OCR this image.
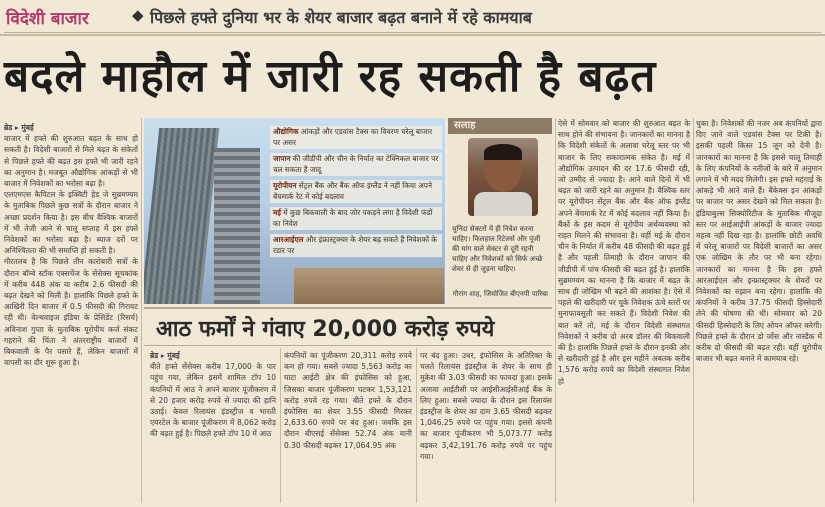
विदेशी बाजार	◆ पिछले हफ्ते दुनिया भर के शेयर बाजार बढ़त बनाने में रहे कामयाब
बदले माहौल में जारी रह सकती है बढ़त
ब्रेड ▸ मुंबई

बाजार में हफ्ते की शुरुआत बढ़त के साथ हो सकती है। विदेशी बाजारों से मिले बढ़त के संकेतों से पिछले हफ्ते की बढ़त इस हफ्ते भी जारी रहने का अनुमान है। मजबूत औद्योगिक आंकड़ों से भी बाजार में निवेशकों का भरोसा बढ़ा है।

एलएमएस कैपिटल के इक्विटी हेड जे सुब्रमण्यम के मुताबिक पिछले कुछ सत्रों के दौरान बाजार ने अच्छा प्रदर्शन किया है। इस बीच वैश्विक बाजारों में भी तेजी आने से चालू सप्ताह में इस हफ्ते निवेशकों का भरोसा बढ़ा है। ब्याज दरों पर अनिश्चितता की भी समाप्ति हो सकती है।

गौरतलब है कि पिछले तीन कारोबारी सत्रों के दौरान बॉम्बे स्टॉक एक्सचेंज के सेंसेक्स सूचकांक में करीब 448 अंक या करीब 2.6 फीसदी की बढ़त देखने को मिली है। हालांकि पिछले हफ्ते के आखिरी दिन बाजार में 0.5 फीसदी की गिरावट रही थी। वेल्थवाइज इंडिया के प्रेसिडेंट (रिसर्च) अविनाश गुप्ता के मुताबिक यूरोपीय कर्ज संकट गहराने की चिंता ने अंतरराष्ट्रीय बाजारों में बिकवाली के पैर पसारे हैं, लेकिन बाजारों में वापसी का दौर शुरू हुआ है।

औद्योगिक आंकड़ों और एडवांस टैक्स का विवरण घरेलू बाजार पर असर
जापान की जीडीपी और चीन के निर्यात का टेक्निकल बाजार पर चल सकता है जादू
यूरोपीयन सेंट्रल बैंक और बैंक ऑफ इंग्लैंड ने नहीं किया अपने बेंचमार्क रेट में कोई बदलाव
मई में कुछ बिकवाली के बाद जोर पकड़ने लगा है विदेशी फंडों का निवेश
आरआईएल और इंफ्रास्ट्रक्चर के शेयर बढ़ सकते हैं निवेशकों के रडार पर
सलाह
चुनिंदा सेक्टरों में ही निवेश करना चाहिए। फिलहाल रिटेलर्स और पूंजी की मांग वाले सेक्टर से दूरी रहनी चाहिए और निवेशकों को सिर्फ अच्छे शेयर से ही जुड़ना चाहिए।
गौरांग शाह, जियोजित बीएनपी पारिबा
आठ फर्मों ने गंवाए 20,000 करोड़ रुपये
ब्रेड ▸ मुंबई

बीते हफ्ते सेंसेक्स करीब 17,000 के पार पहुंच गया, लेकिन इसमें शामिल टॉप 10 कंपनियों में आठ ने अपने बाजार पूंजीकरण में से 20 हजार करोड़ रुपये से ज्यादा की हानि उठाई। केवल रिलायंस इंडस्ट्रीज व भारती एयरटेल के बाजार पूंजीकरण में 8,062 करोड़ की बढ़त हुई है। पिछले हफ्ते टॉप 10 में आठ

कंपनियों का पूंजीकरण 20,311 करोड़ रुपये कम हो गया। सबसे ज्यादा 5,563 करोड़ का घाटा आईटी क्षेत्र की इंफोसिस को हुआ, जिसका बाजार पूंजीकरण घटकर 1,53,121 करोड़ रुपये रह गया। बीते हफ्ते के दौरान इंफोसिस का शेयर 3.55 फीसदी गिरकर 2,633.60 रुपये पर बंद हुआ। जबकि इस दौरान बीएसई सेंसेक्स 52.74 अंक यानी 0.30 फीसदी बढ़कर 17,064.95 अंक

पर बंद हुआ। उधर, इंफोसिस के अतिरिक्त के चलते रिलायंस इंडस्ट्रीज के शेयर के साथ ही मुकेश की 3.03 फीसदी का फायदा हुआ। इसके अलावा आईटीसी पर आईसीआईसीआई बैंक के लिए हुआ। सबसे ज्यादा के दौरान इस रिलायंस इंडस्ट्रीज के शेयर का दाम 3.65 फीसदी बढ़कर 1,046.25 रुपये पर पहुंच गया। इससे कंपनी का बाजार पूंजीकरण भी 5,073.77 करोड़ बढ़कर 3,42,191.76 करोड़ रुपये पर पहुंच गया।

ऐसे में सोमवार को बाजार की शुरुआत बढ़त के साथ होने की संभावना है। जानकारों का मानना है कि विदेशी संकेतों के अलावा घरेलू स्तर पर भी बाजार के लिए सकारात्मक संकेत है। मई में औद्योगिक उत्पादन की दर 17.6 फीसदी रही, जो उम्मीद से ज्यादा है। आने वाले दिनों में भी बढ़त को जारी रहने का अनुमान है। वैश्विक स्तर पर यूरोपीयन सेंट्रल बैंक और बैंक ऑफ इंग्लैंड अपने बेंचमार्क रेट में कोई बदलाव नहीं किया है। बैंकों के इस कदम से यूरोपीय अर्थव्यवस्था को राहत मिलने की संभावना है। वहीं मई के दौरान चीन के निर्यात में करीब 48 फीसदी की बढ़त हुई है और पहली तिमाही के दौरान जापान की जीडीपी में पांच फीसदी की बढ़त हुई है। हालांकि सुब्रमण्यम का मानना है कि बाजार में बढ़त के साथ ही जोखिम भी बढ़ने की आशंका है। ऐसे में पहले की खरीदारी पर चूके निवेशक ऊंचे स्तरों पर मुनाफावसूली कर सकते हैं। विदेशी निवेश की बात करें तो, मई के दौरान विदेशी संस्थागत निवेशकों ने करीब दो अरब डॉलर की बिकवाली की है। हालांकि पिछले हफ्ते के दौरान इनकी ओर से खरीदारी हुई है और इस महीने अबतक करीब 1,576 करोड़ रुपये का विदेशी संस्थागत निवेश हो

चुका है। निवेशकों की नजर अब कंपनियों द्वारा दिए जाने वाले एडवांस टैक्स पर टिकी है। इसकी पहली किस्त 15 जून को देनी है। जानकारों का मानना है कि इससे चालू तिमाही के लिए कंपनियों के नतीजों के बारे में अनुमान लगाने में भी मदद मिलेगी। इस हफ्ते महंगाई के आंकड़े भी आने वाले हैं। बैंकेक्स इन आंकड़ों पर बाजार पर असर देखने को मिल सकता है। इंडियाबुल्स सिक्योरिटीज के मुताबिक मौजूदा स्तर पर आईआईपी आंकड़ों के बाजार ज्यादा महत्व नहीं दिख रहा है। हालांकि छोटी अवधि में घरेलू बाजारों पर विदेशी बाजारों का असर एक जोखिम के तौर पर भी बना रहेगा। जानकारों का मानना है कि इस हफ्ते आरआईएल और इन्फ्रास्ट्रक्चर के शेयरों पर निवेशकों का रुझान बना रहेगा। हालांकि की कंपनियों ने करीब 37.75 फीसदी हिस्सेदारी लेने की घोषणा की थी। सोमवार को 20 फीसदी हिस्सेदारी के लिए ओपन ऑफर करेगी। पिछले हफ्ते के दौरान डो जोंस और नास्डैक में करीब दो फीसदी की बढ़त रही। वहीं यूरोपीय बाजार भी बढ़त बनाने में कामयाब रहे।
